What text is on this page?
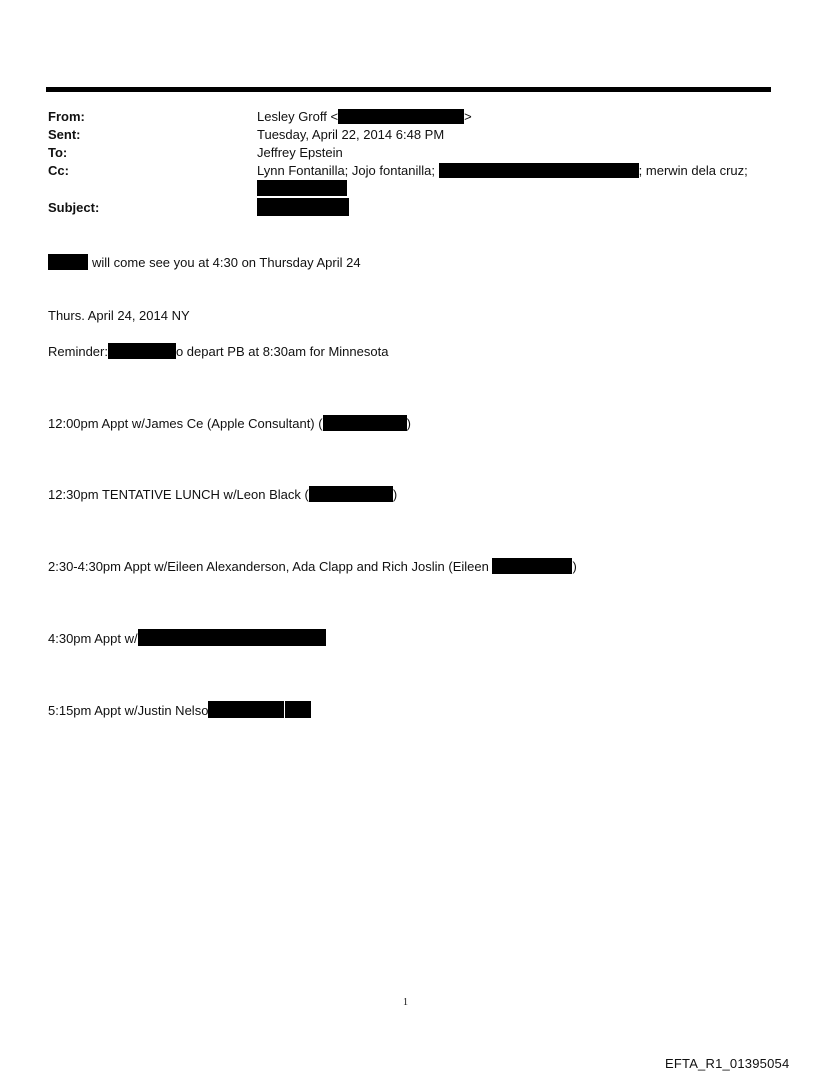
From:	Lesley Groff <	>
Sent:	Tuesday, April 22, 2014 6:48 PM
To:	Jeffrey Epstein
Cc:	Lynn Fontanilla; Jojo fontanilla;	; merwin dela cruz;
Subject:
will come see you at 4:30 on Thursday April 24
Thurs. April 24, 2014 NY
Reminder:	o depart PB at 8:30am for Minnesota
12:00pm Appt w/James Ce (Apple Consultant) (	)
12:30pm TENTATIVE LUNCH w/Leon Black (	)
2:30-4:30pm Appt w/Eileen Alexanderson, Ada Clapp and Rich Joslin (Eileen	)
4:30pm Appt w/
5:15pm Appt w/Justin Nelso
1
EFTA_R1_01395054
